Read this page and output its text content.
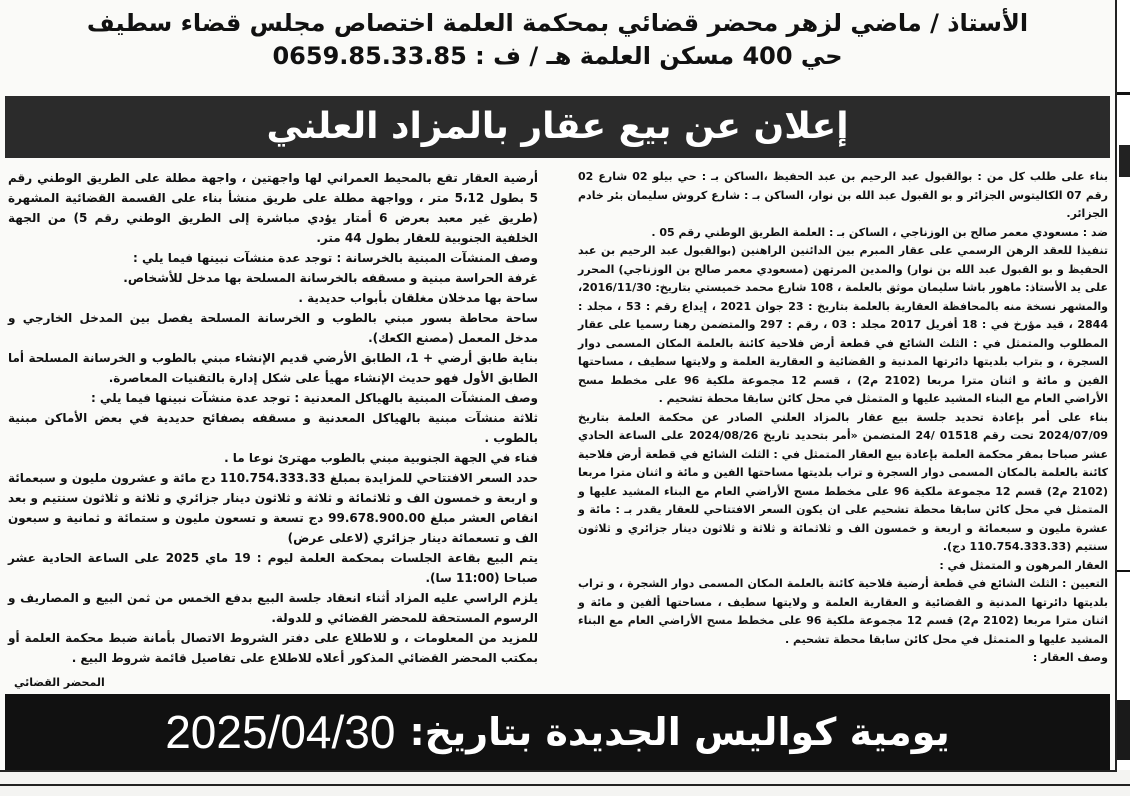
الأستاذ / ماضي لزهر محضر قضائي بمحكمة العلمة اختصاص مجلس قضاء سطيف
حي 400 مسكن العلمة هـ / ف : 0659.85.33.85
إعلان عن بيع عقار بالمزاد العلني

بناء على طلب كل من : بوالقبول عبد الرحيم بن عبد الحفيظ ،الساكن بـ : حي بيلو 02 شارع 02 رقم 07 الكاليتوس الجزائر و بو القبول عبد الله بن نوار، الساكن بـ : شارع كروش سليمان بئر خادم الجزائر.

ضد : مسعودي معمر صالح بن الوزناجي ، الساكن بـ : العلمة الطريق الوطني رقم 05 .

تنفيذا للعقد الرهن الرسمي على عقار المبرم بين الدائنين الراهنين (بوالقبول عبد الرحيم بن عبد الحفيظ و بو القبول عبد الله بن نوار) والمدين المرتهن (مسعودي معمر صالح بن الوزناجي) المحرر على يد الأستاذ: ماهور باشا سليمان موثق بالعلمة ، 108 شارع محمد خميستي بتاريخ: 2016/11/30، والمشهر نسخة منه بالمحافظة العقارية بالعلمة بتاريخ : 23 جوان 2021 ، إيداع رقم : 53 ، مجلد : 2844 ، قيد مؤرخ في : 18 أفريل 2017 مجلد : 03 ، رقم : 297 والمتضمن رهنا رسميا على عقار المطلوب والمتمثل في : الثلث الشائع في قطعة أرض فلاحية كائنة بالعلمة المكان المسمى دوار السجرة ، و بتراب بلديتها دائرتها المدنية و القضائية و العقارية العلمة و ولايتها سطيف ، مساحتها الفين و مائة و اثنان مترا مربعا (2102 م2) ، قسم 12 مجموعة ملكية 96 على مخطط مسح الأراضي العام مع البناء المشيد عليها و المتمثل في محل كائن سابقا محطة تشحيم .

بناء على أمر بإعادة تحديد جلسة بيع عقار بالمزاد العلني الصادر عن محكمة العلمة بتاريخ 2024/07/09 تحت رقم 01518 /24 المتضمن «أمر بتحديد تاريخ 2024/08/26 على الساعة الحادي عشر صباحا بمقر محكمة العلمة بإعادة بيع العقار المتمثل في : الثلث الشائع في قطعة أرض فلاحية كائنة بالعلمة بالمكان المسمى دوار السجرة و تراب بلديتها مساحتها الفين و مائة و اثنان مترا مربعا (2102 م2) قسم 12 مجموعة ملكية 96 على مخطط مسح الأراضي العام مع البناء المشيد عليها و المتمثل في محل كائن سابقا محطة تشحيم على ان يكون السعر الافتتاحي للعقار يقدر بـ : مائة و عشرة مليون و سبعمائة و اربعة و خمسون الف و ثلاثمائة و ثلاثة و ثلاثون دينار جزائري و ثلاثون سنتيم (110.754.333.33 دج).

العقار المرهون و المتمثل في :

التعيين : الثلث الشائع في قطعة أرضية فلاحية كائنة بالعلمة المكان المسمى دوار الشجرة ، و تراب بلديتها دائرتها المدنية و القضائية و العقارية العلمة و ولايتها سطيف ، مساحتها ألفين و مائة و اثنان مترا مربعا (2102 م2) قسم 12 مجموعة ملكية 96 على مخطط مسح الأراضي العام مع البناء المشيد عليها و المتمثل في محل كائن سابقا محطة تشحيم .

وصف العقار :

أرضية العقار تقع بالمحيط العمراني لها واجهتين ، واجهة مطلة على الطريق الوطني رقم 5 بطول 5،12 متر ، وواجهة مطلة على طريق منشأ بناء على القسمة القضائية المشهرة (طريق غير معبد بعرض 6 أمتار يؤدي مباشرة إلى الطريق الوطني رقم 5) من الجهة الخلفية الجنوبية للعقار بطول 44 متر.

وصف المنشآت المبنية بالخرسانة : توجد عدة منشآت نبينها فيما يلي :

غرفة الحراسة مبنية و مسقفه بالخرسانة المسلحة بها مدخل للأشخاص.

ساحة بها مدخلان مغلقان بأبواب حديدية .

ساحة محاطة بسور مبني بالطوب و الخرسانة المسلحة يفصل بين المدخل الخارجي و مدخل المعمل (مصنع الكعك).

بناية طابق أرضي + 1، الطابق الأرضي قديم الإنشاء مبني بالطوب و الخرسانة المسلحة أما الطابق الأول فهو حديث الإنشاء مهيأ على شكل إدارة بالتقنيات المعاصرة.

وصف المنشآت المبنية بالهياكل المعدنية : توجد عدة منشآت نبينها فيما يلي :

ثلاثة منشآت مبنية بالهياكل المعدنية و مسقفه بصفائح حديدية في بعض الأماكن مبنية بالطوب .

فناء في الجهة الجنوبية مبني بالطوب مهترئ نوعا ما .

حدد السعر الافتتاحي للمزايدة بمبلغ 110.754.333.33 دج مائة و عشرون مليون و سبعمائة و اربعة و خمسون الف و ثلاثمائة و ثلاثة و ثلاثون دينار جزائري و ثلاثة و ثلاثون سنتيم و بعد انقاص العشر مبلغ 99.678.900.00 دج تسعة و تسعون مليون و ستمائة و ثمانية و سبعون الف و تسعمائة دينار جزائري (لاعلى عرض)

يتم البيع بقاعة الجلسات بمحكمة العلمة ليوم : 19 ماي 2025 على الساعة الحادية عشر صباحا (11:00 سا).

يلزم الراسي عليه المزاد أثناء انعقاد جلسة البيع بدفع الخمس من ثمن البيع و المصاريف و الرسوم المستحقة للمحضر القضائي و للدولة.

للمزيد من المعلومات ، و للاطلاع على دفتر الشروط الاتصال بأمانة ضبط محكمة العلمة أو بمكتب المحضر القضائي المذكور أعلاه للاطلاع على تفاصيل قائمة شروط البيع .

المحضر القضائي
يومية كواليس الجديدة بتاريخ:
2025/04/30
